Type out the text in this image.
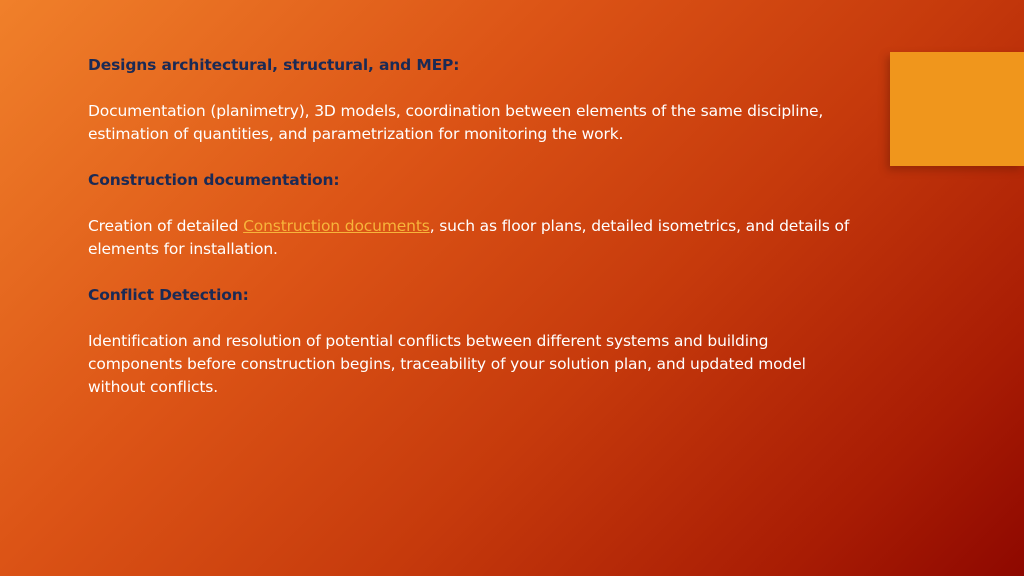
Designs architectural, structural, and MEP:

Documentation (planimetry), 3D models, coordination between elements of the same discipline, estimation of quantities, and parametrization for monitoring the work.

Construction documentation:

Creation of detailed Construction documents, such as floor plans, detailed isometrics, and details of elements for installation.

Conflict Detection:

Identification and resolution of potential conflicts between different systems and building components before construction begins, traceability of your solution plan, and updated model without conflicts.
